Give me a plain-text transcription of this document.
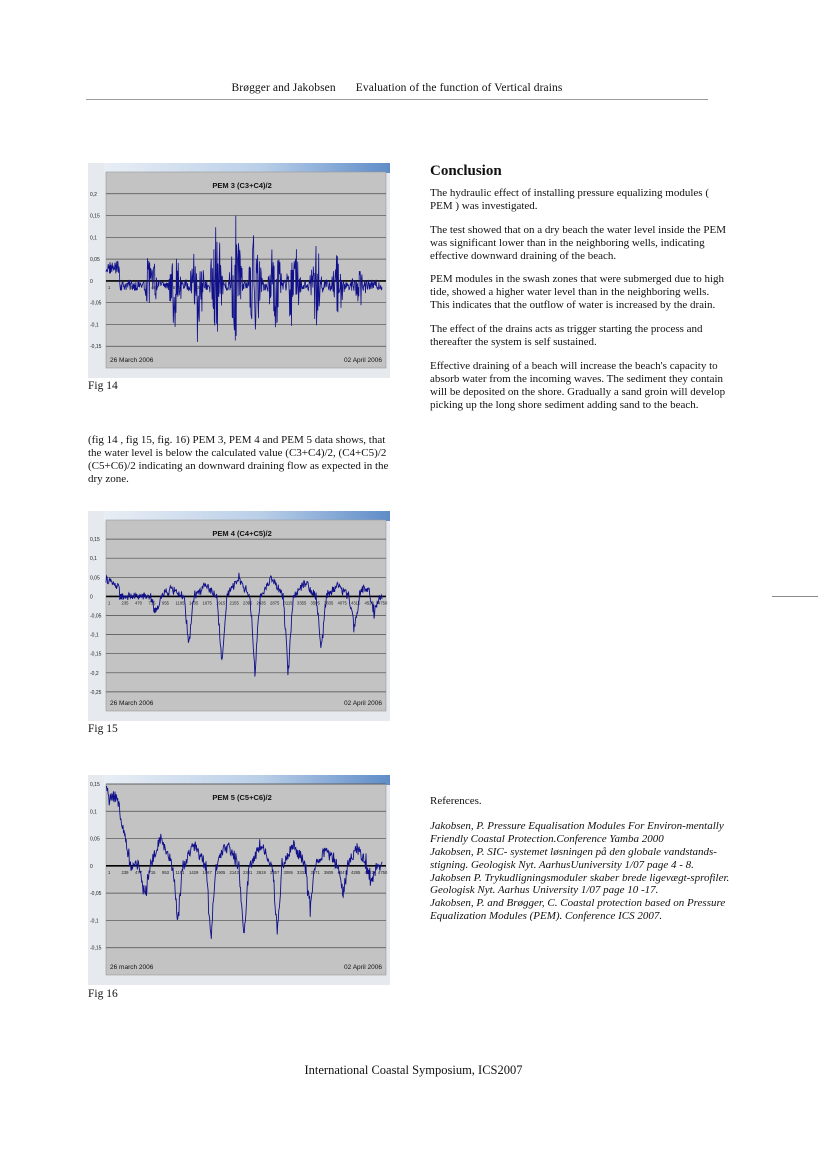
Brøgger and Jakobsen Evaluation of the function of Vertical drains
0,2
0,15
0,1
0,05
0
-0,05
-0,1
-0,15
1	231	467	676	935
PEM 3 (C3+C4)/2
26 March 2006	02 April 2006
Fig 14

(fig 14 , fig 15, fig. 16) PEM 3, PEM 4 and PEM 5 data shows, that the water level is below the calculated value (C3+C4)/2, (C4+C5)/2 (C5+C6)/2 indicating an downward draining flow as expected in the dry zone.

0,15
0,1
0,05
0
-0,05
-0,1
-0,15
-0,2
-0,25
1	235 470 715 955 1195 1435 1675 1915 2155 2395 2635 2875 3115 3355 3595 3835 4075 4315 4523 4750
PEM 4 (C4+C5)/2
26 March 2006	02 April 2006
Fig 15
0,15
0,1
0,05
0
-0,05
-0,1
-0,15
1	239 477 715 953 1191 1429 1667 1905 2143 2381 2619 2857 3095 3333 3571 3809 4047 4285 4523 4750
PEM 5 (C5+C6)/2
26 march 2006	02 April 2006
Fig 16

Conclusion

The hydraulic effect of installing pressure equalizing modules ( PEM ) was investigated.

The test showed that on a dry beach the water level inside the PEM was significant lower than in the neighboring wells, indicating effective downward draining of the beach.

PEM modules in the swash zones that were submerged due to high tide, showed a higher water level than in the neighboring wells. This indicates that the outflow of water is increased by the drain.

The effect of the drains acts as trigger starting the process and thereafter the system is self sustained.

Effective draining of a beach will increase the beach's capacity to absorb water from the incoming waves. The sediment they contain will be deposited on the shore. Gradually a sand groin will develop picking up the long shore sediment adding sand to the beach.

References.

Jakobsen, P. Pressure Equalisation Modules For Environ-mentally Friendly Coastal Protection.Conference Yamba 2000

Jakobsen, P. SIC- systemet løsningen på den globale vandstands-stigning. Geologisk Nyt. AarhusUuniversity 1/07 page 4 - 8.

Jakobsen P. Trykudligningsmoduler skaber brede ligevægt-sprofiler. Geologisk Nyt. Aarhus University 1/07 page 10 -17.

Jakobsen, P. and Brøgger, C. Coastal protection based on Pressure Equalization Modules (PEM). Conference ICS 2007.

International Coastal Symposium, ICS2007
